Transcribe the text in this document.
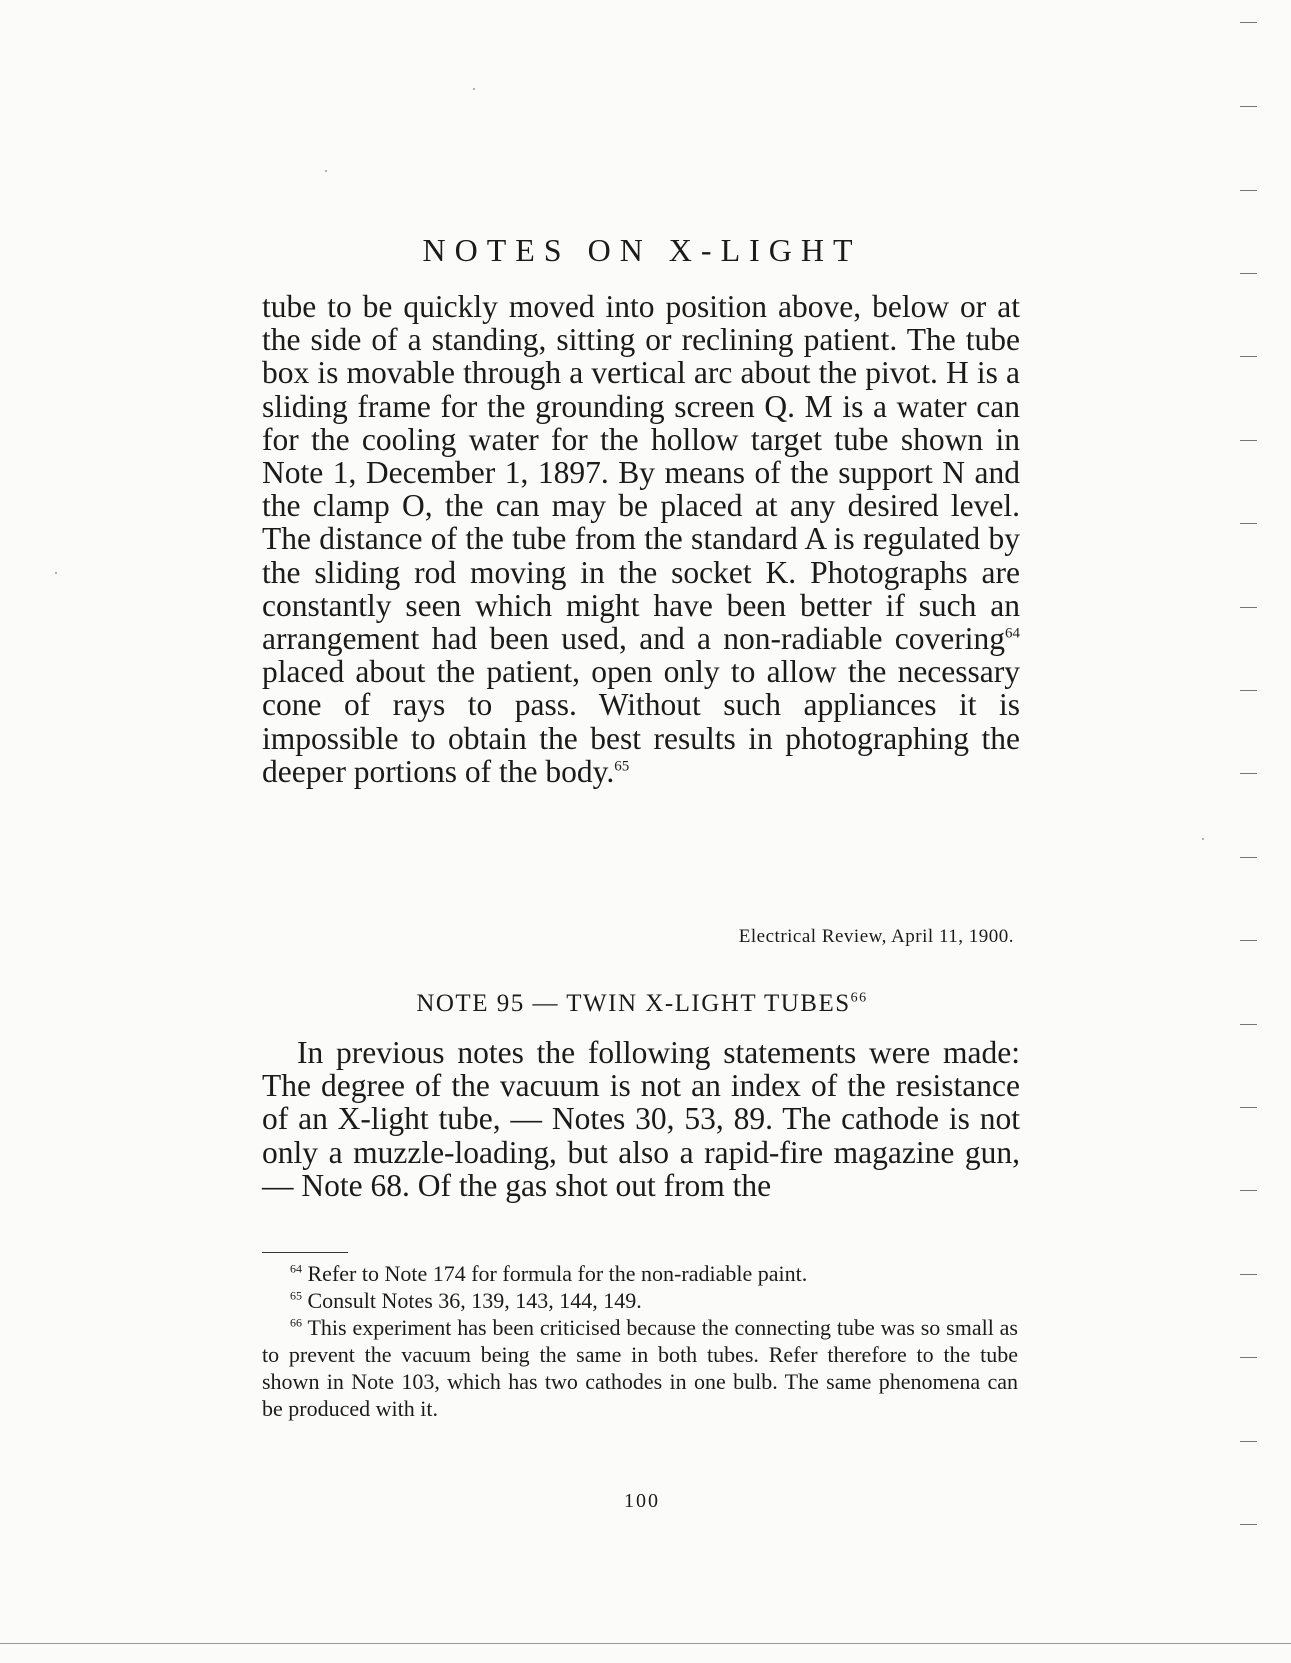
NOTES ON X-LIGHT

tube to be quickly moved into position above, below or at the side of a standing, sitting or reclining patient. The tube box is movable through a vertical arc about the pivot. H is a sliding frame for the grounding screen Q. M is a water can for the cooling water for the hollow target tube shown in Note 1, December 1, 1897. By means of the support N and the clamp O, the can may be placed at any desired level. The distance of the tube from the standard A is regulated by the sliding rod moving in the socket K. Photographs are constantly seen which might have been better if such an arrangement had been used, and a non-radiable covering$^{64}$ placed about the patient, open only to allow the necessary cone of rays to pass. Without such appliances it is impossible to obtain the best results in photographing the deeper portions of the body.$^{65}$

Electrical Review, April 11, 1900.
NOTE 95 — TWIN X-LIGHT TUBES$^{66}$

In previous notes the following statements were made: The degree of the vacuum is not an index of the resistance of an X-light tube, — Notes 30, 53, 89. The cathode is not only a muzzle-loading, but also a rapid-fire magazine gun, — Note 68. Of the gas shot out from the

$^{64}$ Refer to Note 174 for formula for the non-radiable paint.

$^{65}$ Consult Notes 36, 139, 143, 144, 149.

$^{66}$ This experiment has been criticised because the connecting tube was so small as to prevent the vacuum being the same in both tubes. Refer therefore to the tube shown in Note 103, which has two cathodes in one bulb. The same phenomena can be produced with it.

100
